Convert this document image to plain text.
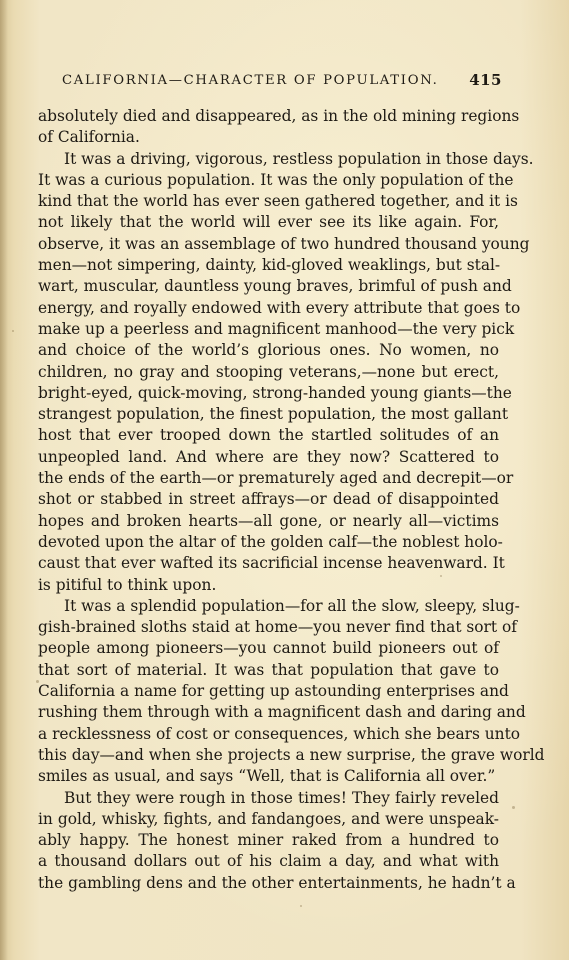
CALIFORNIA—CHARACTER OF POPULATION. 415
absolutely died and disappeared, as in the old mining regions
of California.
It was a driving, vigorous, restless population in those days.
It was a curious population. It was the only population of the
kind that the world has ever seen gathered together, and it is
not likely that the world will ever see its like again. For,
observe, it was an assemblage of two hundred thousand young
men—not simpering, dainty, kid-gloved weaklings, but stal-
wart, muscular, dauntless young braves, brimful of push and
energy, and royally endowed with every attribute that goes to
make up a peerless and magnificent manhood—the very pick
and choice of the world’s glorious ones. No women, no
children, no gray and stooping veterans,—none but erect,
bright-eyed, quick-moving, strong-handed young giants—the
strangest population, the finest population, the most gallant
host that ever trooped down the startled solitudes of an
unpeopled land. And where are they now? Scattered to
the ends of the earth—or prematurely aged and decrepit—or
shot or stabbed in street affrays—or dead of disappointed
hopes and broken hearts—all gone, or nearly all—victims
devoted upon the altar of the golden calf—the noblest holo-
caust that ever wafted its sacrificial incense heavenward. It
is pitiful to think upon.
It was a splendid population—for all the slow, sleepy, slug-
gish-brained sloths staid at home—you never find that sort of
people among pioneers—you cannot build pioneers out of
that sort of material. It was that population that gave to
California a name for getting up astounding enterprises and
rushing them through with a magnificent dash and daring and
a recklessness of cost or consequences, which she bears unto
this day—and when she projects a new surprise, the grave world
smiles as usual, and says “Well, that is California all over.”
But they were rough in those times! They fairly reveled
in gold, whisky, fights, and fandangoes, and were unspeak-
ably happy. The honest miner raked from a hundred to
a thousand dollars out of his claim a day, and what with
the gambling dens and the other entertainments, he hadn’t a
